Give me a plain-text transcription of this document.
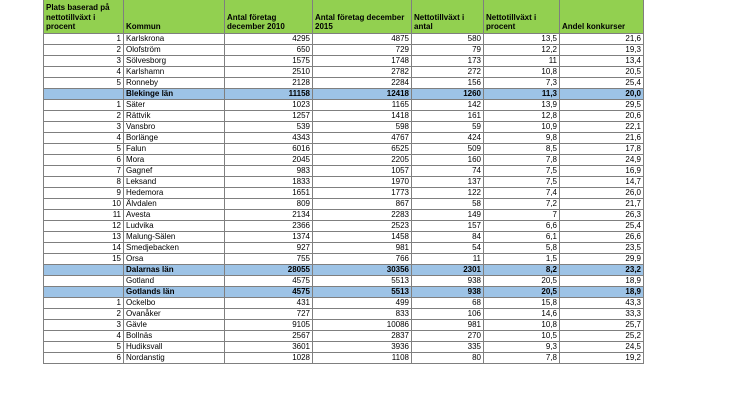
Plats baserad på nettotillväxt i procent	Kommun	Antal företag december 2010	Antal företag december 2015	Nettotillväxt i antal	Nettotillväxt i procent	Andel konkurser
1	Karlskrona	4295	4875	580	13,5	21,6
2	Olofström	650	729	79	12,2	19,3
3	Sölvesborg	1575	1748	173	11	13,4
4	Karlshamn	2510	2782	272	10,8	20,5
5	Ronneby	2128	2284	156	7,3	25,4
	Blekinge län	11158	12418	1260	11,3	20,0
1	Säter	1023	1165	142	13,9	29,5
2	Rättvik	1257	1418	161	12,8	20,6
3	Vansbro	539	598	59	10,9	22,1
4	Borlänge	4343	4767	424	9,8	21,6
5	Falun	6016	6525	509	8,5	17,8
6	Mora	2045	2205	160	7,8	24,9
7	Gagnef	983	1057	74	7,5	16,9
8	Leksand	1833	1970	137	7,5	14,7
9	Hedemora	1651	1773	122	7,4	26,0
10	Älvdalen	809	867	58	7,2	21,7
11	Avesta	2134	2283	149	7	26,3
12	Ludvika	2366	2523	157	6,6	25,4
13	Malung-Sälen	1374	1458	84	6,1	26,6
14	Smedjebacken	927	981	54	5,8	23,5
15	Orsa	755	766	11	1,5	29,9
	Dalarnas län	28055	30356	2301	8,2	23,2
	Gotland	4575	5513	938	20,5	18,9
	Gotlands län	4575	5513	938	20,5	18,9
1	Ockelbo	431	499	68	15,8	43,3
2	Ovanåker	727	833	106	14,6	33,3
3	Gävle	9105	10086	981	10,8	25,7
4	Bollnäs	2567	2837	270	10,5	25,2
5	Hudiksvall	3601	3936	335	9,3	24,5
6	Nordanstig	1028	1108	80	7,8	19,2
